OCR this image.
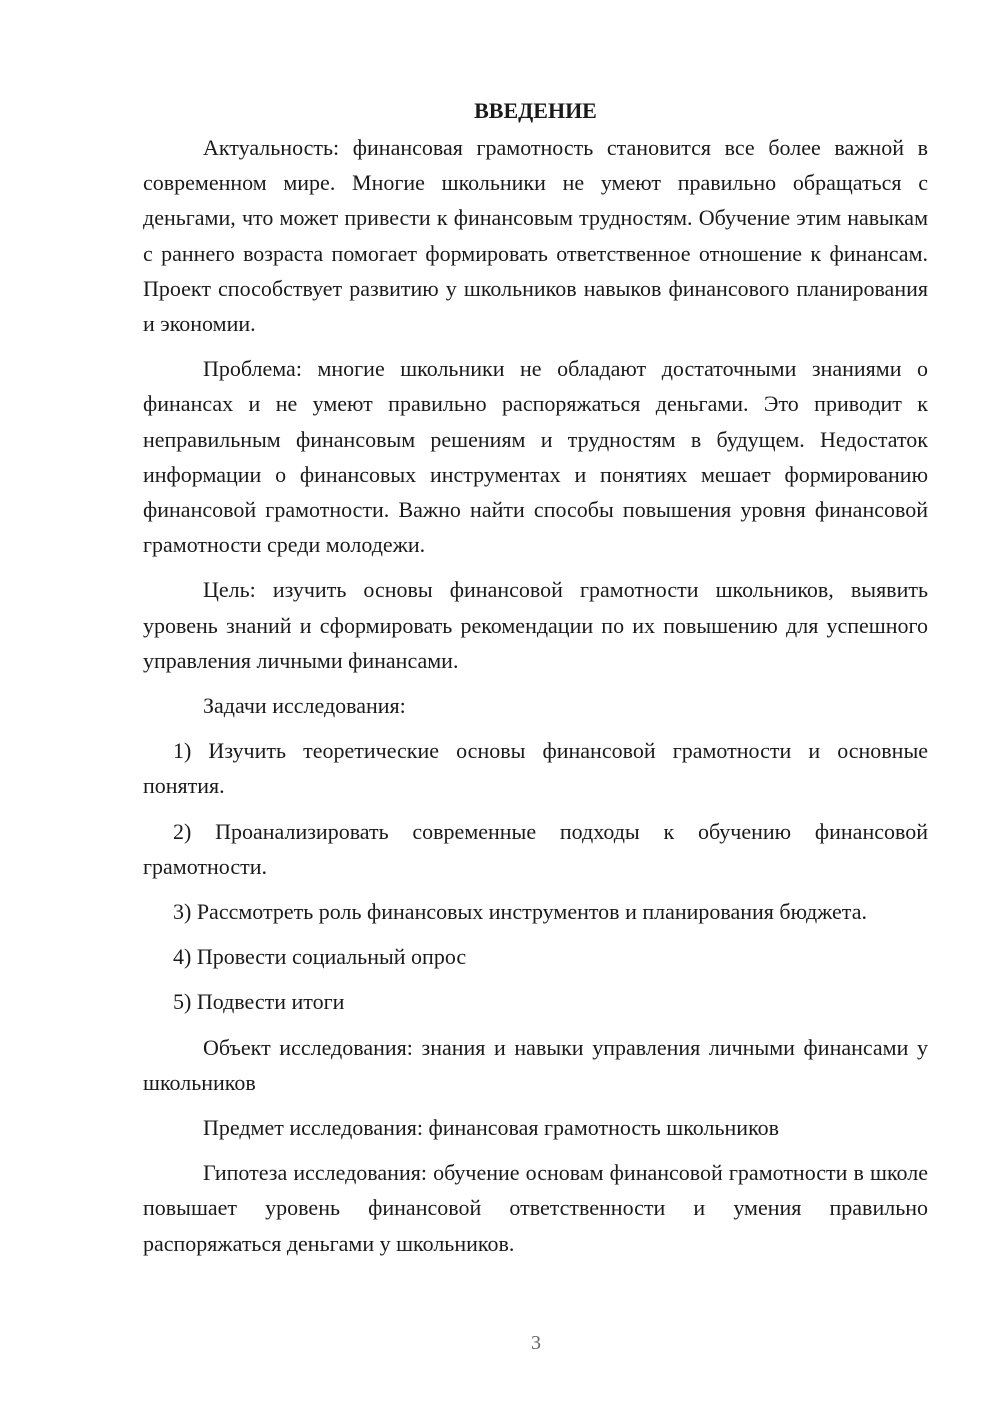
ВВЕДЕНИЕ

Актуальность: финансовая грамотность становится все более важной в современном мире. Многие школьники не умеют правильно обращаться с деньгами, что может привести к финансовым трудностям. Обучение этим навыкам с раннего возраста помогает формировать ответственное отношение к финансам. Проект способствует развитию у школьников навыков финансового планирования и экономии.

Проблема: многие школьники не обладают достаточными знаниями о финансах и не умеют правильно распоряжаться деньгами. Это приводит к неправильным финансовым решениям и трудностям в будущем. Недостаток информации о финансовых инструментах и понятиях мешает формированию финансовой грамотности. Важно найти способы повышения уровня финансовой грамотности среди молодежи.

Цель: изучить основы финансовой грамотности школьников, выявить уровень знаний и сформировать рекомендации по их повышению для успешного управления личными финансами.

Задачи исследования:

1) Изучить теоретические основы финансовой грамотности и основные понятия.

2) Проанализировать современные подходы к обучению финансовой грамотности.

3) Рассмотреть роль финансовых инструментов и планирования бюджета.

4) Провести социальный опрос

5) Подвести итоги

Объект исследования: знания и навыки управления личными финансами у школьников

Предмет исследования: финансовая грамотность школьников

Гипотеза исследования: обучение основам финансовой грамотности в школе повышает уровень финансовой ответственности и умения правильно распоряжаться деньгами у школьников.

3
